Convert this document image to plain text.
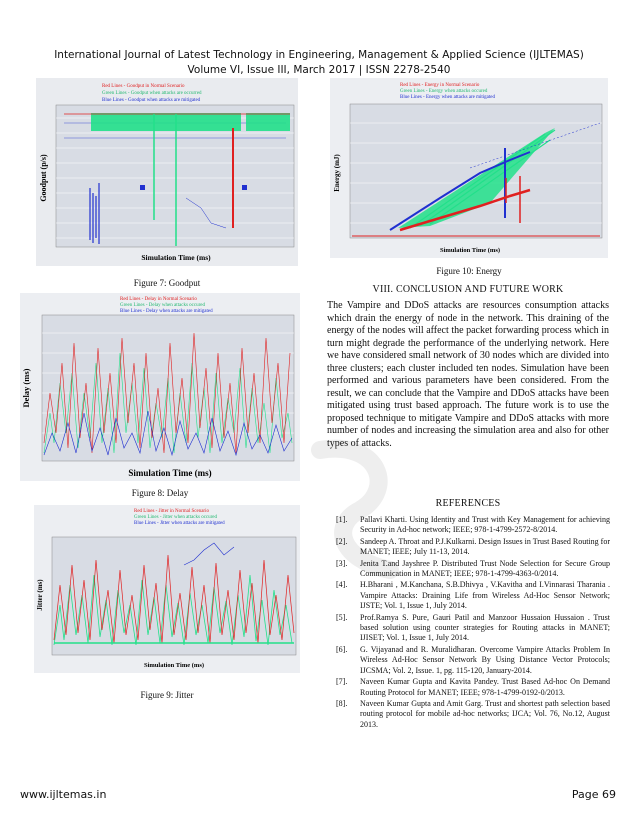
International Journal of Latest Technology in Engineering, Management & Applied Science (IJLTEMAS)
Volume VI, Issue III, March 2017 | ISSN 2278-2540
Red Lines - Goodput in Normal Scenario
Green Lines - Goodput when attacks are occurred
Blue Lines - Goodput when attacks are mitigated
Goodput (p/s)
Simulation Time (ms)
Figure 7: Goodput
Red Lines - Delay in Normal Scenario
Green Lines - Delay when attacks occured
Blue Lines - Delay when attacks are mitigated
Delay (ms)
Simulation Time (ms)
Figure 8: Delay
Red Lines - Jitter in Normal Scenario
Green Lines - Jitter when attacks occured
Blue Lines - Jitter when attacks are mitigated
Jitter (ms)
Simulation Time (ms)
Figure 9: Jitter
Red Lines - Energy in Normal Scenario
Green Lines - Energy when attacks occured
Blue Lines - Energy when attacks are mitigated
Energy (mJ)
Simulation Time (ms)
Figure 10: Energy
VIII. CONCLUSION AND FUTURE WORK
The Vampire and DDoS attacks are resources consumption attacks which drain the energy of node in the network. This draining of the energy of the nodes will affect the packet forwarding process which in turn might degrade the performance of the underlying network. Here we have considered small network of 30 nodes which are divided into three clusters; each cluster included ten nodes. Simulation have been performed and various parameters have been considered. From the result, we can conclude that the Vampire and DDoS attacks have been mitigated using trust based approach. The future work is to use the proposed technique to mitigate Vampire and DDoS attacks with more number of nodes and increasing the simulation area and also for other types of attacks.
REFERENCES
[1].	Pallavi Kharti. Using Identity and Trust with Key Management for achieving Security in Ad-hoc network; IEEE; 978-1-4799-2572-8/2014.
[2].	Sandeep A. Throat and P.J.Kulkarni. Design Issues in Trust Based Routing for MANET; IEEE; July 11-13, 2014.
[3].	Jenita T.and Jayshree P. Distributed Trust Node Selection for Secure Group Communication in MANET; IEEE; 978-1-4799-4363-0/2014.
[4].	H.Bharani , M.Kanchana, S.B.Dhivya , V.Kavitha and I.Vinnarasi Tharania . Vampire Attacks: Draining Life from Wireless Ad-Hoc Sensor Network; IJSTE; Vol. 1, Issue 1, July 2014.
[5].	Prof.Ramya S. Pure, Gauri Patil and Manzoor Hussaion Hussaion . Trust based solution using counter strategies for Routing attacks in MANET; IJISET; Vol. 1, Issue 1, July 2014.
[6].	G. Vijayanad and R. Muralidharan. Overcome Vampire Attacks Problem In Wireless Ad-Hoc Sensor Network By Using Distance Vector Protocols; IJCSMA; Vol. 2, Issue. 1, pg. 115-120, January-2014.
[7].	Naveen Kumar Gupta and Kavita Pandey. Trust Based Ad-hoc On Demand Routing Protocol for MANET; IEEE; 978-1-4799-0192-0/2013.
[8].	Naveen Kumar Gupta and Amit Garg. Trust and shortest path selection based routing protocol for mobile ad-hoc networks; IJCA; Vol. 76, No.12, August 2013.
www.ijltemas.in	Page 69
